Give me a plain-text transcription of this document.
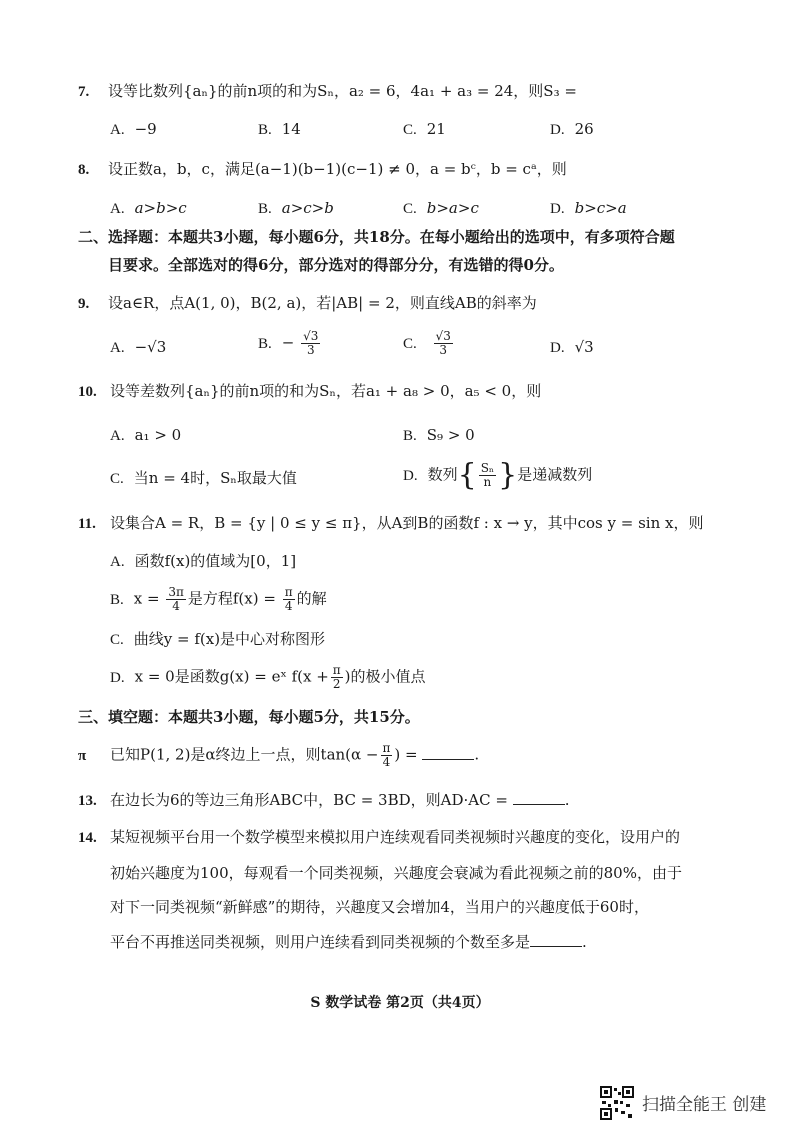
7. 设等比数列{aₙ}的前n项的和为Sₙ，a₂ = 6，4a₁ + a₃ = 24，则S₃ =
A. −9	B. 14	C. 21	D. 26
8. 设正数a，b，c，满足(a−1)(b−1)(c−1) ≠ 0，a = bᶜ，b = cᵃ，则
A. a>b>c	B. a>c>b	C. b>a>c	D. b>c>a
二、选择题：本题共3小题，每小题6分，共18分。在每小题给出的选项中，有多项符合题
目要求。全部选对的得6分，部分选对的得部分分，有选错的得0分。
9. 设a∈R，点A(1, 0)，B(2, a)，若|AB| = 2，则直线AB的斜率为
A. −√3	B. − $\frac{√3}{3}$	C. $\frac{√3}{3}$	D. √3
10. 设等差数列{aₙ}的前n项的和为Sₙ，若a₁ + a₈ > 0，a₅ < 0，则
A. a₁ > 0	B. S₉ > 0
C. 当n = 4时，Sₙ取最大值	D. 数列{ $\frac{\text{Sₙ}}{n}$ }是递减数列
11. 设集合A = R，B = {y | 0 ≤ y ≤ π}，从A到B的函数f : x → y，其中cos y = sin x，则
A. 函数f(x)的值域为[0，1]
B. $x = \frac{3\pi}{4}$ 是方程$f(x) = \frac{\pi}{4}$ 的解
C. 曲线y = f(x)是中心对称图形
D. x = 0是函数g(x) = eˣ $f(x + \frac{\pi}{2}$ )的极小值点
三、填空题：本题共3小题，每小题5分，共15分。
π 已知P(1, 2)是α终边上一点，则$\tan(\alpha - \frac{\pi}{4}$ ) =	.
13. 在边长为6的等边三角形ABC中，BC = 3BD，则AD·AC =	.
14. 某短视频平台用一个数学模型来模拟用户连续观看同类视频时兴趣度的变化，设用户的
初始兴趣度为100，每观看一个同类视频，兴趣度会衰减为看此视频之前的80%，由于
对下一同类视频“新鲜感”的期待，兴趣度又会增加4，当用户的兴趣度低于60时，
平台不再推送同类视频，则用户连续看到同类视频的个数至多是	.
S 数学试卷 第2页（共4页）
扫描全能王 创建
